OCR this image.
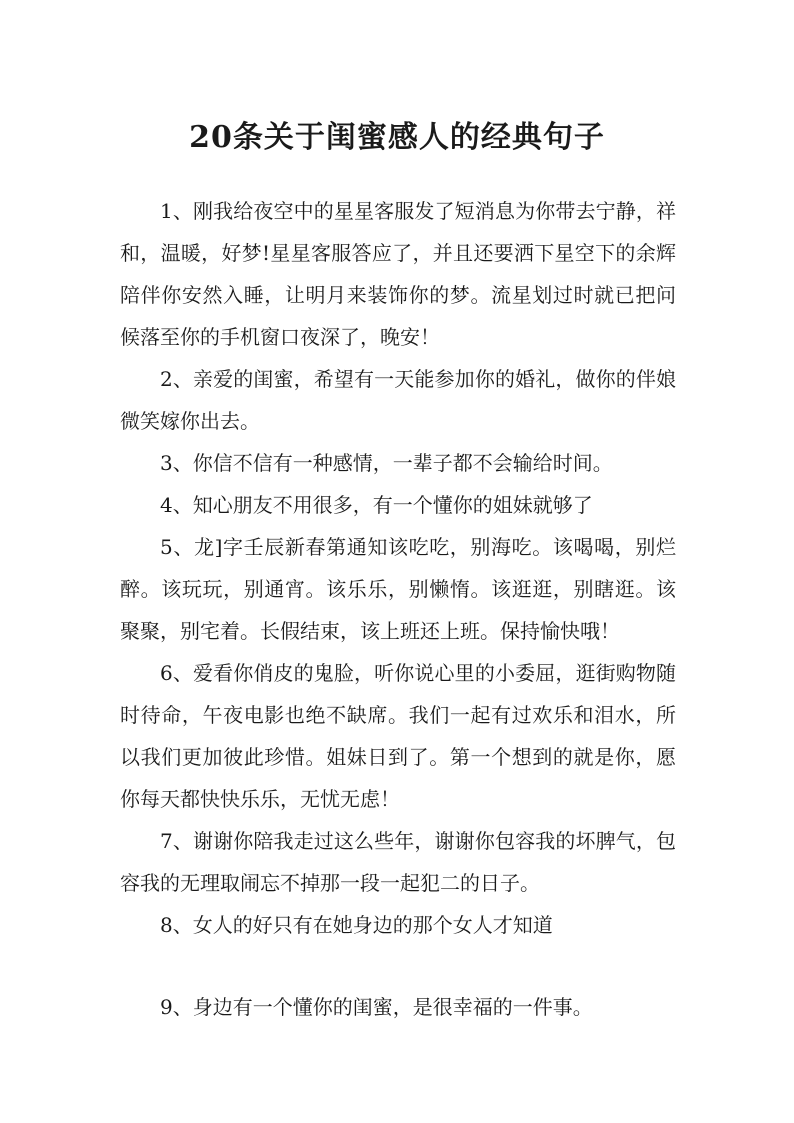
20条关于闺蜜感人的经典句子

1、刚我给夜空中的星星客服发了短消息为你带去宁静，祥和，温暖，好梦!星星客服答应了，并且还要洒下星空下的余辉陪伴你安然入睡，让明月来装饰你的梦。流星划过时就已把问候落至你的手机窗口夜深了，晚安！

2、亲爱的闺蜜，希望有一天能参加你的婚礼，做你的伴娘微笑嫁你出去。

3、你信不信有一种感情，一辈子都不会输给时间。

4、知心朋友不用很多，有一个懂你的姐妹就够了

5、龙]字壬辰新春第通知该吃吃，别海吃。该喝喝，别烂醉。该玩玩，别通宵。该乐乐，别懒惰。该逛逛，别瞎逛。该聚聚，别宅着。长假结束，该上班还上班。保持愉快哦！

6、爱看你俏皮的鬼脸，听你说心里的小委屈，逛街购物随时待命，午夜电影也绝不缺席。我们一起有过欢乐和泪水，所以我们更加彼此珍惜。姐妹日到了。第一个想到的就是你，愿你每天都快快乐乐，无忧无虑！

7、谢谢你陪我走过这么些年，谢谢你包容我的坏脾气，包容我的无理取闹忘不掉那一段一起犯二的日子。

8、女人的好只有在她身边的那个女人才知道

9、身边有一个懂你的闺蜜，是很幸福的一件事。
